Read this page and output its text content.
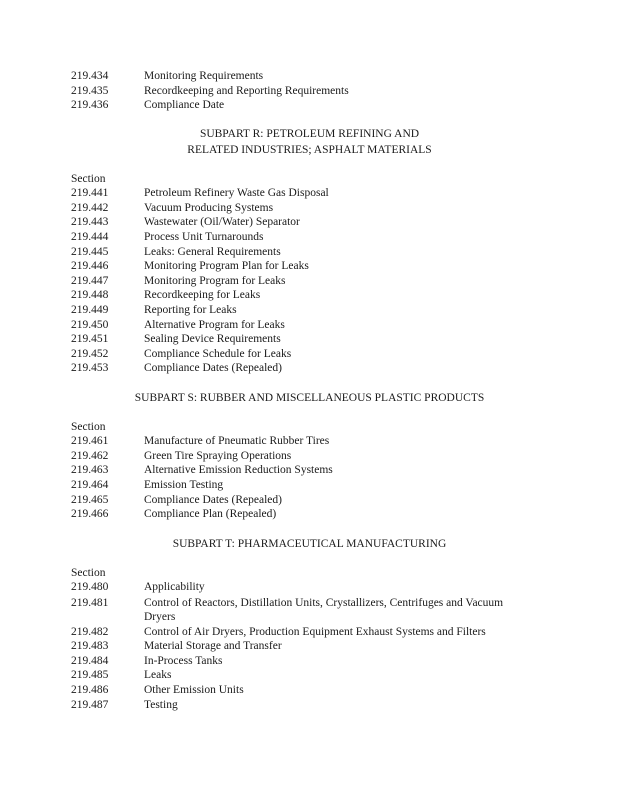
219.434	Monitoring Requirements
219.435	Recordkeeping and Reporting Requirements
219.436	Compliance Date
SUBPART R: PETROLEUM REFINING AND
RELATED INDUSTRIES; ASPHALT MATERIALS
Section
219.441	Petroleum Refinery Waste Gas Disposal
219.442	Vacuum Producing Systems
219.443	Wastewater (Oil/Water) Separator
219.444	Process Unit Turnarounds
219.445	Leaks: General Requirements
219.446	Monitoring Program Plan for Leaks
219.447	Monitoring Program for Leaks
219.448	Recordkeeping for Leaks
219.449	Reporting for Leaks
219.450	Alternative Program for Leaks
219.451	Sealing Device Requirements
219.452	Compliance Schedule for Leaks
219.453	Compliance Dates (Repealed)
SUBPART S: RUBBER AND MISCELLANEOUS PLASTIC PRODUCTS
Section
219.461	Manufacture of Pneumatic Rubber Tires
219.462	Green Tire Spraying Operations
219.463	Alternative Emission Reduction Systems
219.464	Emission Testing
219.465	Compliance Dates (Repealed)
219.466	Compliance Plan (Repealed)
SUBPART T: PHARMACEUTICAL MANUFACTURING
Section
219.480	Applicability
219.481	Control of Reactors, Distillation Units, Crystallizers, Centrifuges and Vacuum
Dryers
219.482	Control of Air Dryers, Production Equipment Exhaust Systems and Filters
219.483	Material Storage and Transfer
219.484	In-Process Tanks
219.485	Leaks
219.486	Other Emission Units
219.487	Testing
